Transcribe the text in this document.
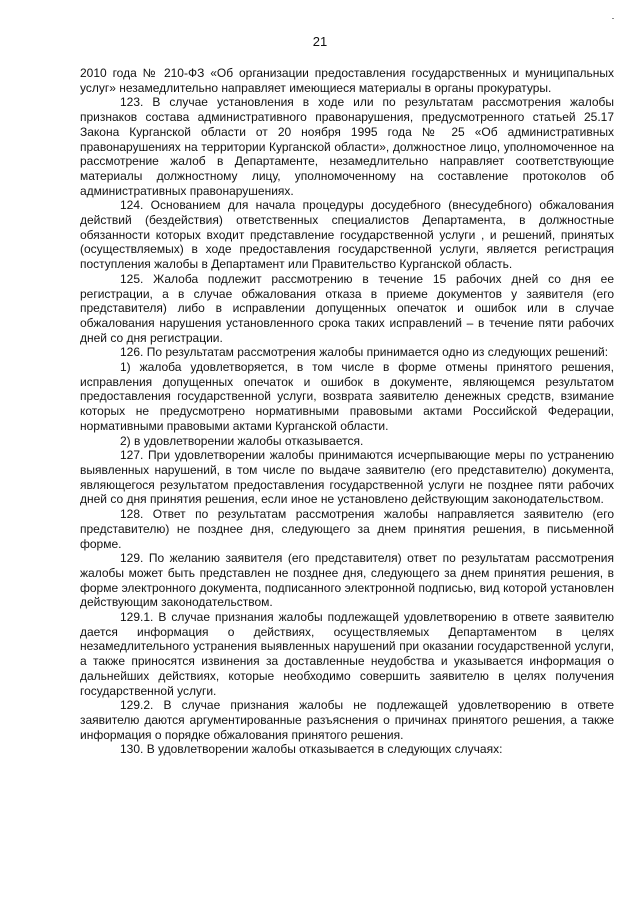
21

2010 года № 210-ФЗ «Об организации предоставления государственных и муниципальных услуг» незамедлительно направляет имеющиеся материалы в органы прокуратуры.

123. В случае установления в ходе или по результатам рассмотрения жалобы признаков состава административного правонарушения, предусмотренного статьей 25.17 Закона Курганской области от 20 ноября 1995 года № 25 «Об административных правонарушениях на территории Курганской области», должностное лицо, уполномоченное на рассмотрение жалоб в Департаменте, незамедлительно направляет соответствующие материалы должностному лицу, уполномоченному на составление протоколов об административных правонарушениях.

124. Основанием для начала процедуры досудебного (внесудебного) обжалования действий (бездействия) ответственных специалистов Департамента, в должностные обязанности которых входит представление государственной услуги , и решений, принятых (осуществляемых) в ходе предоставления государственной услуги, является регистрация поступления жалобы в Департамент или Правительство Курганской область.

125. Жалоба подлежит рассмотрению в течение 15 рабочих дней со дня ее регистрации, а в случае обжалования отказа в приеме документов у заявителя (его представителя) либо в исправлении допущенных опечаток и ошибок или в случае обжалования нарушения установленного срока таких исправлений – в течение пяти рабочих дней со дня регистрации.

126. По результатам рассмотрения жалобы принимается одно из следующих решений:

1) жалоба удовлетворяется, в том числе в форме отмены принятого решения, исправления допущенных опечаток и ошибок в документе, являющемся результатом предоставления государственной услуги, возврата заявителю денежных средств, взимание которых не предусмотрено нормативными правовыми актами Российской Федерации, нормативными правовыми актами Курганской области.

2) в удовлетворении жалобы отказывается.

127. При удовлетворении жалобы принимаются исчерпывающие меры по устранению выявленных нарушений, в том числе по выдаче заявителю (его представителю) документа, являющегося результатом предоставления государственной услуги не позднее пяти рабочих дней со дня принятия решения, если иное не установлено действующим законодательством.

128. Ответ по результатам рассмотрения жалобы направляется заявителю (его представителю) не позднее дня, следующего за днем принятия решения, в письменной форме.

129. По желанию заявителя (его представителя) ответ по результатам рассмотрения жалобы может быть представлен не позднее дня, следующего за днем принятия решения, в форме электронного документа, подписанного электронной подписью, вид которой установлен действующим законодательством.

129.1. В случае признания жалобы подлежащей удовлетворению в ответе заявителю дается информация о действиях, осуществляемых Департаментом в целях незамедлительного устранения выявленных нарушений при оказании государственной услуги, а также приносятся извинения за доставленные неудобства и указывается информация о дальнейших действиях, которые необходимо совершить заявителю в целях получения государственной услуги.

129.2. В случае признания жалобы не подлежащей удовлетворению в ответе заявителю даются аргументированные разъяснения о причинах принятого решения, а также информация о порядке обжалования принятого решения.

130. В удовлетворении жалобы отказывается в следующих случаях:
